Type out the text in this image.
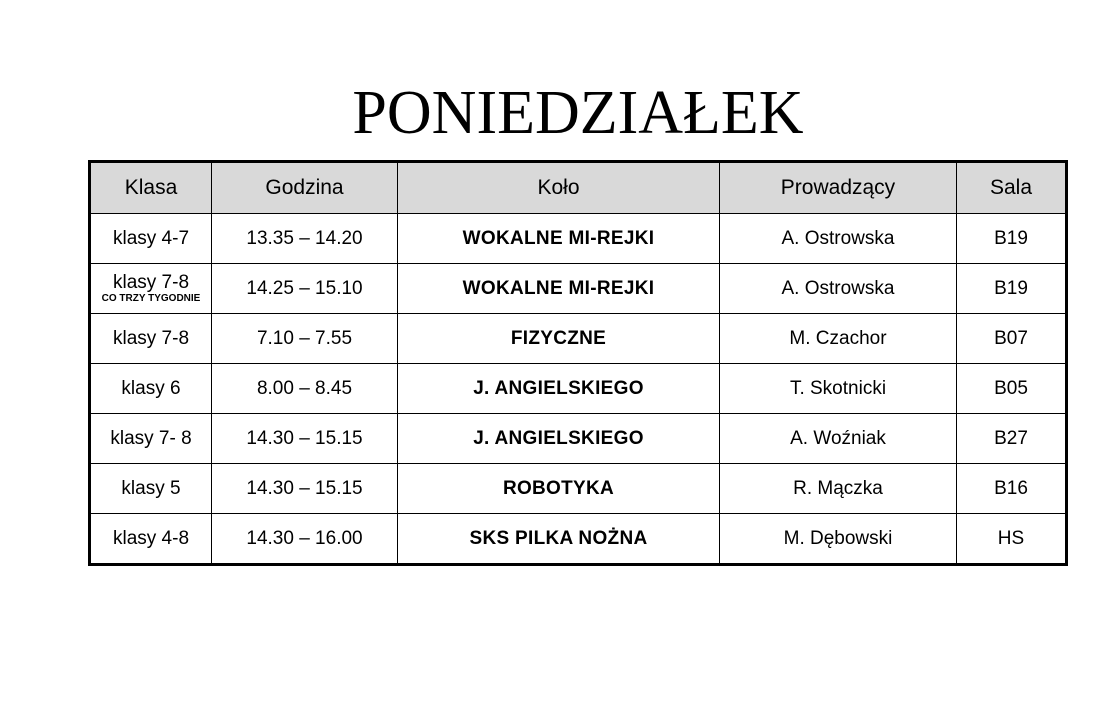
PONIEDZIAŁEK
Klasa	Godzina	Koło	Prowadzący	Sala

klasy 4-7	13.35 – 14.20	WOKALNE MI-REJKI	A. Ostrowska	B19

klasy 7-8
CO TRZY TYGODNIE	14.25 – 15.10	WOKALNE MI-REJKI	A. Ostrowska	B19

klasy 7-8	7.10 – 7.55	FIZYCZNE	M. Czachor	B07

klasy 6	8.00 – 8.45	J. ANGIELSKIEGO	T. Skotnicki	B05

klasy 7- 8	14.30 – 15.15	J. ANGIELSKIEGO	A. Woźniak	B27

klasy 5	14.30 – 15.15	ROBOTYKA	R. Mączka	B16

klasy 4-8	14.30 – 16.00	SKS PILKA NOŻNA	M. Dębowski	HS
